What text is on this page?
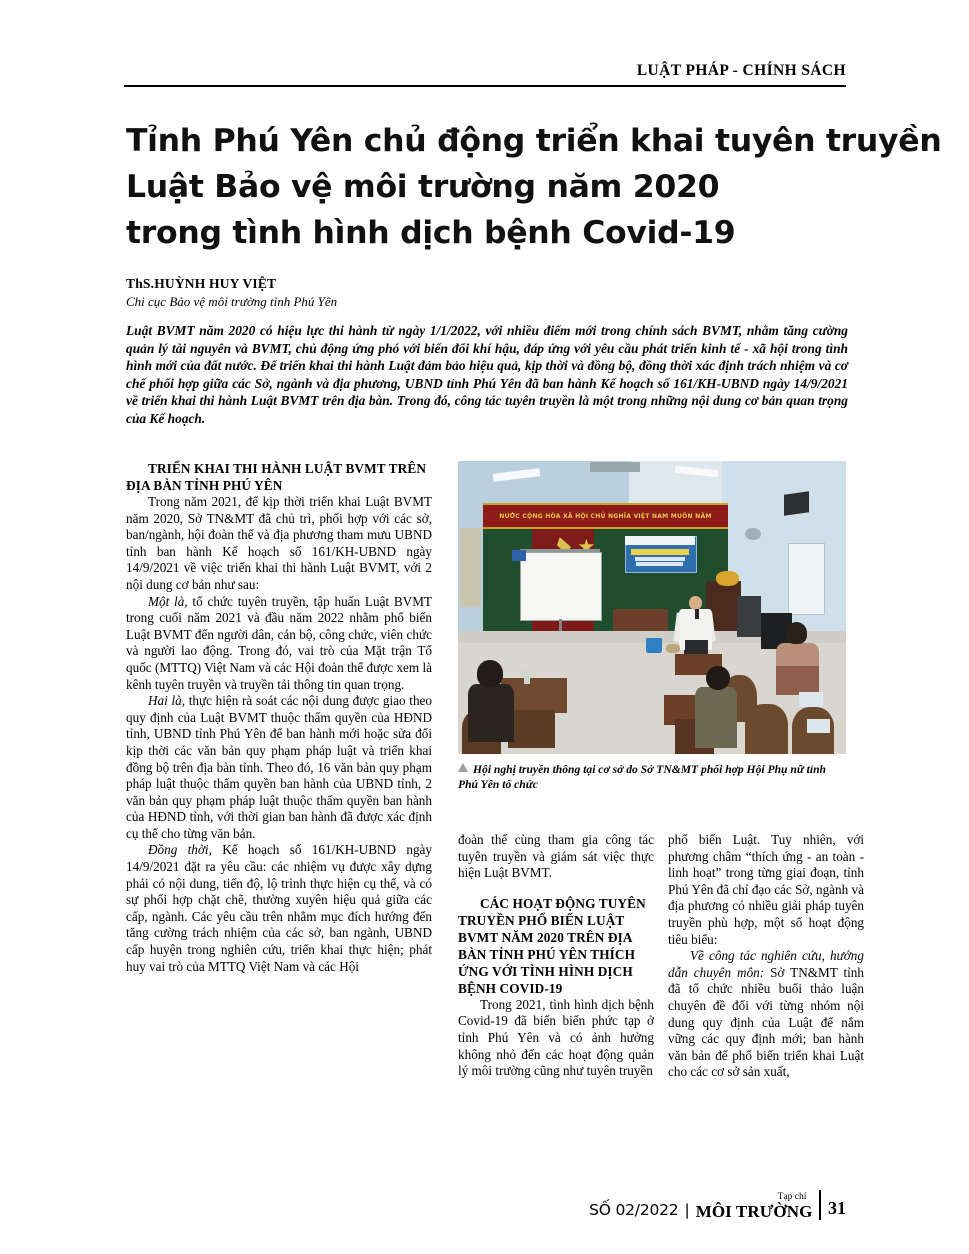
LUẬT PHÁP - CHÍNH SÁCH
Tỉnh Phú Yên chủ động triển khai tuyên truyền
Luật Bảo vệ môi trường năm 2020
trong tình hình dịch bệnh Covid-19
ThS.HUỲNH HUY VIỆT
Chi cục Bảo vệ môi trường tỉnh Phú Yên
Luật BVMT năm 2020 có hiệu lực thi hành từ ngày 1/1/2022, với nhiều điểm mới trong chính sách BVMT, nhằm tăng cường quản lý tài nguyên và BVMT, chủ động ứng phó với biến đổi khí hậu, đáp ứng với yêu cầu phát triển kinh tế - xã hội trong tình hình mới của đất nước. Để triển khai thi hành Luật đảm bảo hiệu quả, kịp thời và đồng bộ, đồng thời xác định trách nhiệm và cơ chế phối hợp giữa các Sở, ngành và địa phương, UBND tỉnh Phú Yên đã ban hành Kế hoạch số 161/KH-UBND ngày 14/9/2021 về triển khai thi hành Luật BVMT trên địa bàn. Trong đó, công tác tuyên truyền là một trong những nội dung cơ bản quan trọng của Kế hoạch.
NƯỚC CỘNG HÒA XÃ HỘI CHỦ NGHĨA VIỆT NAM MUÔN NĂM
Hội nghị truyền thông tại cơ sở do Sở TN&MT phối hợp Hội Phụ nữ tỉnh Phú Yên tổ chức

TRIỂN KHAI THI HÀNH LUẬT BVMT TRÊN ĐỊA BÀN TỈNH PHÚ YÊN

Trong năm 2021, để kịp thời triển khai Luật BVMT năm 2020, Sở TN&MT đã chủ trì, phối hợp với các sở, ban/ngành, hội đoàn thể và địa phương tham mưu UBND tỉnh ban hành Kế hoạch số 161/KH-UBND ngày 14/9/2021 về việc triển khai thi hành Luật BVMT, với 2 nội dung cơ bản như sau:

Một là, tổ chức tuyên truyền, tập huấn Luật BVMT trong cuối năm 2021 và đầu năm 2022 nhằm phổ biến Luật BVMT đến người dân, cán bộ, công chức, viên chức và người lao động. Trong đó, vai trò của Mặt trận Tổ quốc (MTTQ) Việt Nam và các Hội đoàn thể được xem là kênh tuyên truyền và truyền tải thông tin quan trọng.

Hai là, thực hiện rà soát các nội dung được giao theo quy định của Luật BVMT thuộc thẩm quyền của HĐND tỉnh, UBND tỉnh Phú Yên để ban hành mới hoặc sửa đổi kịp thời các văn bản quy phạm pháp luật và triển khai đồng bộ trên địa bàn tỉnh. Theo đó, 16 văn bản quy phạm pháp luật thuộc thẩm quyền ban hành của UBND tỉnh, 2 văn bản quy phạm pháp luật thuộc thẩm quyền ban hành của HĐND tỉnh, với thời gian ban hành đã được xác định cụ thể cho từng văn bản.

Đồng thời, Kế hoạch số 161/KH-UBND ngày 14/9/2021 đặt ra yêu cầu: các nhiệm vụ được xây dựng phải có nội dung, tiến độ, lộ trình thực hiện cụ thể, và có sự phối hợp chặt chẽ, thường xuyên hiệu quả giữa các cấp, ngành. Các yêu cầu trên nhằm mục đích hướng đến tăng cường trách nhiệm của các sở, ban ngành, UBND cấp huyện trong nghiên cứu, triển khai thực hiện; phát huy vai trò của MTTQ Việt Nam và các Hội

đoàn thể cùng tham gia công tác tuyên truyền và giám sát việc thực hiện Luật BVMT.

CÁC HOẠT ĐỘNG TUYÊN TRUYỀN PHỔ BIẾN LUẬT BVMT NĂM 2020 TRÊN ĐỊA BÀN TỈNH PHÚ YÊN THÍCH ỨNG VỚI TÌNH HÌNH DỊCH BỆNH COVID-19

Trong 2021, tình hình dịch bệnh Covid-19 đã biến biến phức tạp ở tỉnh Phú Yên và có ảnh hưởng không nhỏ đến các hoạt động quản lý môi trường cũng như tuyên truyền

phổ biến Luật. Tuy nhiên, với phương châm “thích ứng - an toàn - linh hoạt” trong từng giai đoạn, tỉnh Phú Yên đã chỉ đạo các Sở, ngành và địa phương có nhiều giải pháp tuyên truyền phù hợp, một số hoạt động tiêu biểu:

Về công tác nghiên cứu, hướng dẫn chuyên môn: Sở TN&MT tỉnh đã tổ chức nhiều buổi thảo luận chuyên đề đối với từng nhóm nội dung quy định của Luật để nắm vững các quy định mới; ban hành văn bản để phổ biến triển khai Luật cho các cơ sở sản xuất,

SỐ 02/2022 |
Tạp chí
MÔI TRƯỜNG 31
